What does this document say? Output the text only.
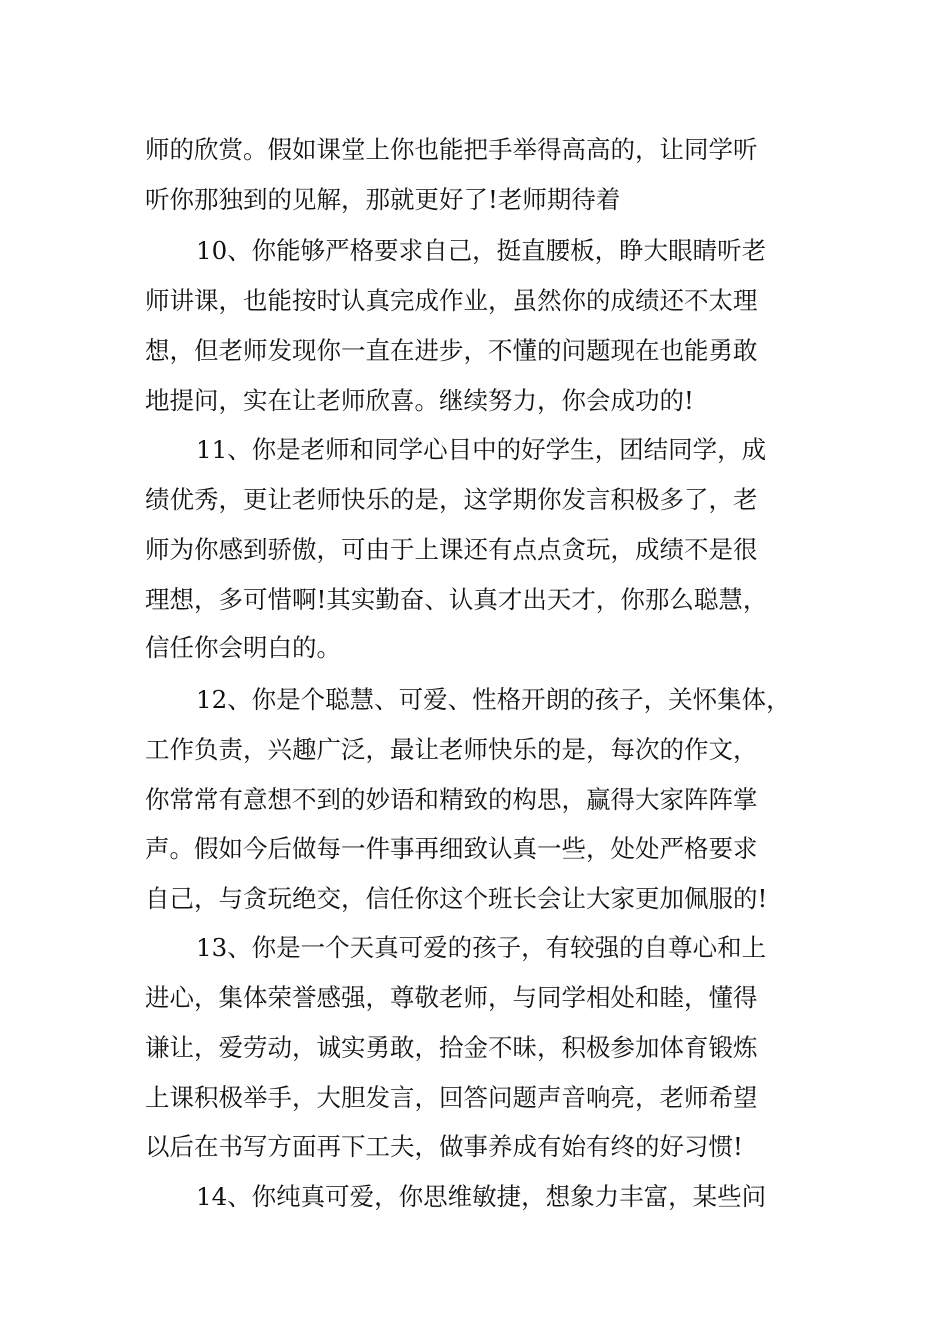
师的欣赏。假如课堂上你也能把手举得高高的，让同学听
听你那独到的见解，那就更好了!老师期待着
10、你能够严格要求自己，挺直腰板，睁大眼睛听老
师讲课，也能按时认真完成作业，虽然你的成绩还不太理
想，但老师发现你一直在进步，不懂的问题现在也能勇敢
地提问，实在让老师欣喜。继续努力，你会成功的!
11、你是老师和同学心目中的好学生，团结同学，成
绩优秀，更让老师快乐的是，这学期你发言积极多了，老
师为你感到骄傲，可由于上课还有点点贪玩，成绩不是很
理想，多可惜啊!其实勤奋、认真才出天才，你那么聪慧，
信任你会明白的。
12、你是个聪慧、可爱、性格开朗的孩子，关怀集体，
工作负责，兴趣广泛，最让老师快乐的是，每次的作文，
你常常有意想不到的妙语和精致的构思，赢得大家阵阵掌
声。假如今后做每一件事再细致认真一些，处处严格要求
自己，与贪玩绝交，信任你这个班长会让大家更加佩服的!
13、你是一个天真可爱的孩子，有较强的自尊心和上
进心，集体荣誉感强，尊敬老师，与同学相处和睦，懂得
谦让，爱劳动，诚实勇敢，拾金不昧，积极参加体育锻炼
上课积极举手，大胆发言，回答问题声音响亮，老师希望
以后在书写方面再下工夫，做事养成有始有终的好习惯!
14、你纯真可爱，你思维敏捷，想象力丰富，某些问
